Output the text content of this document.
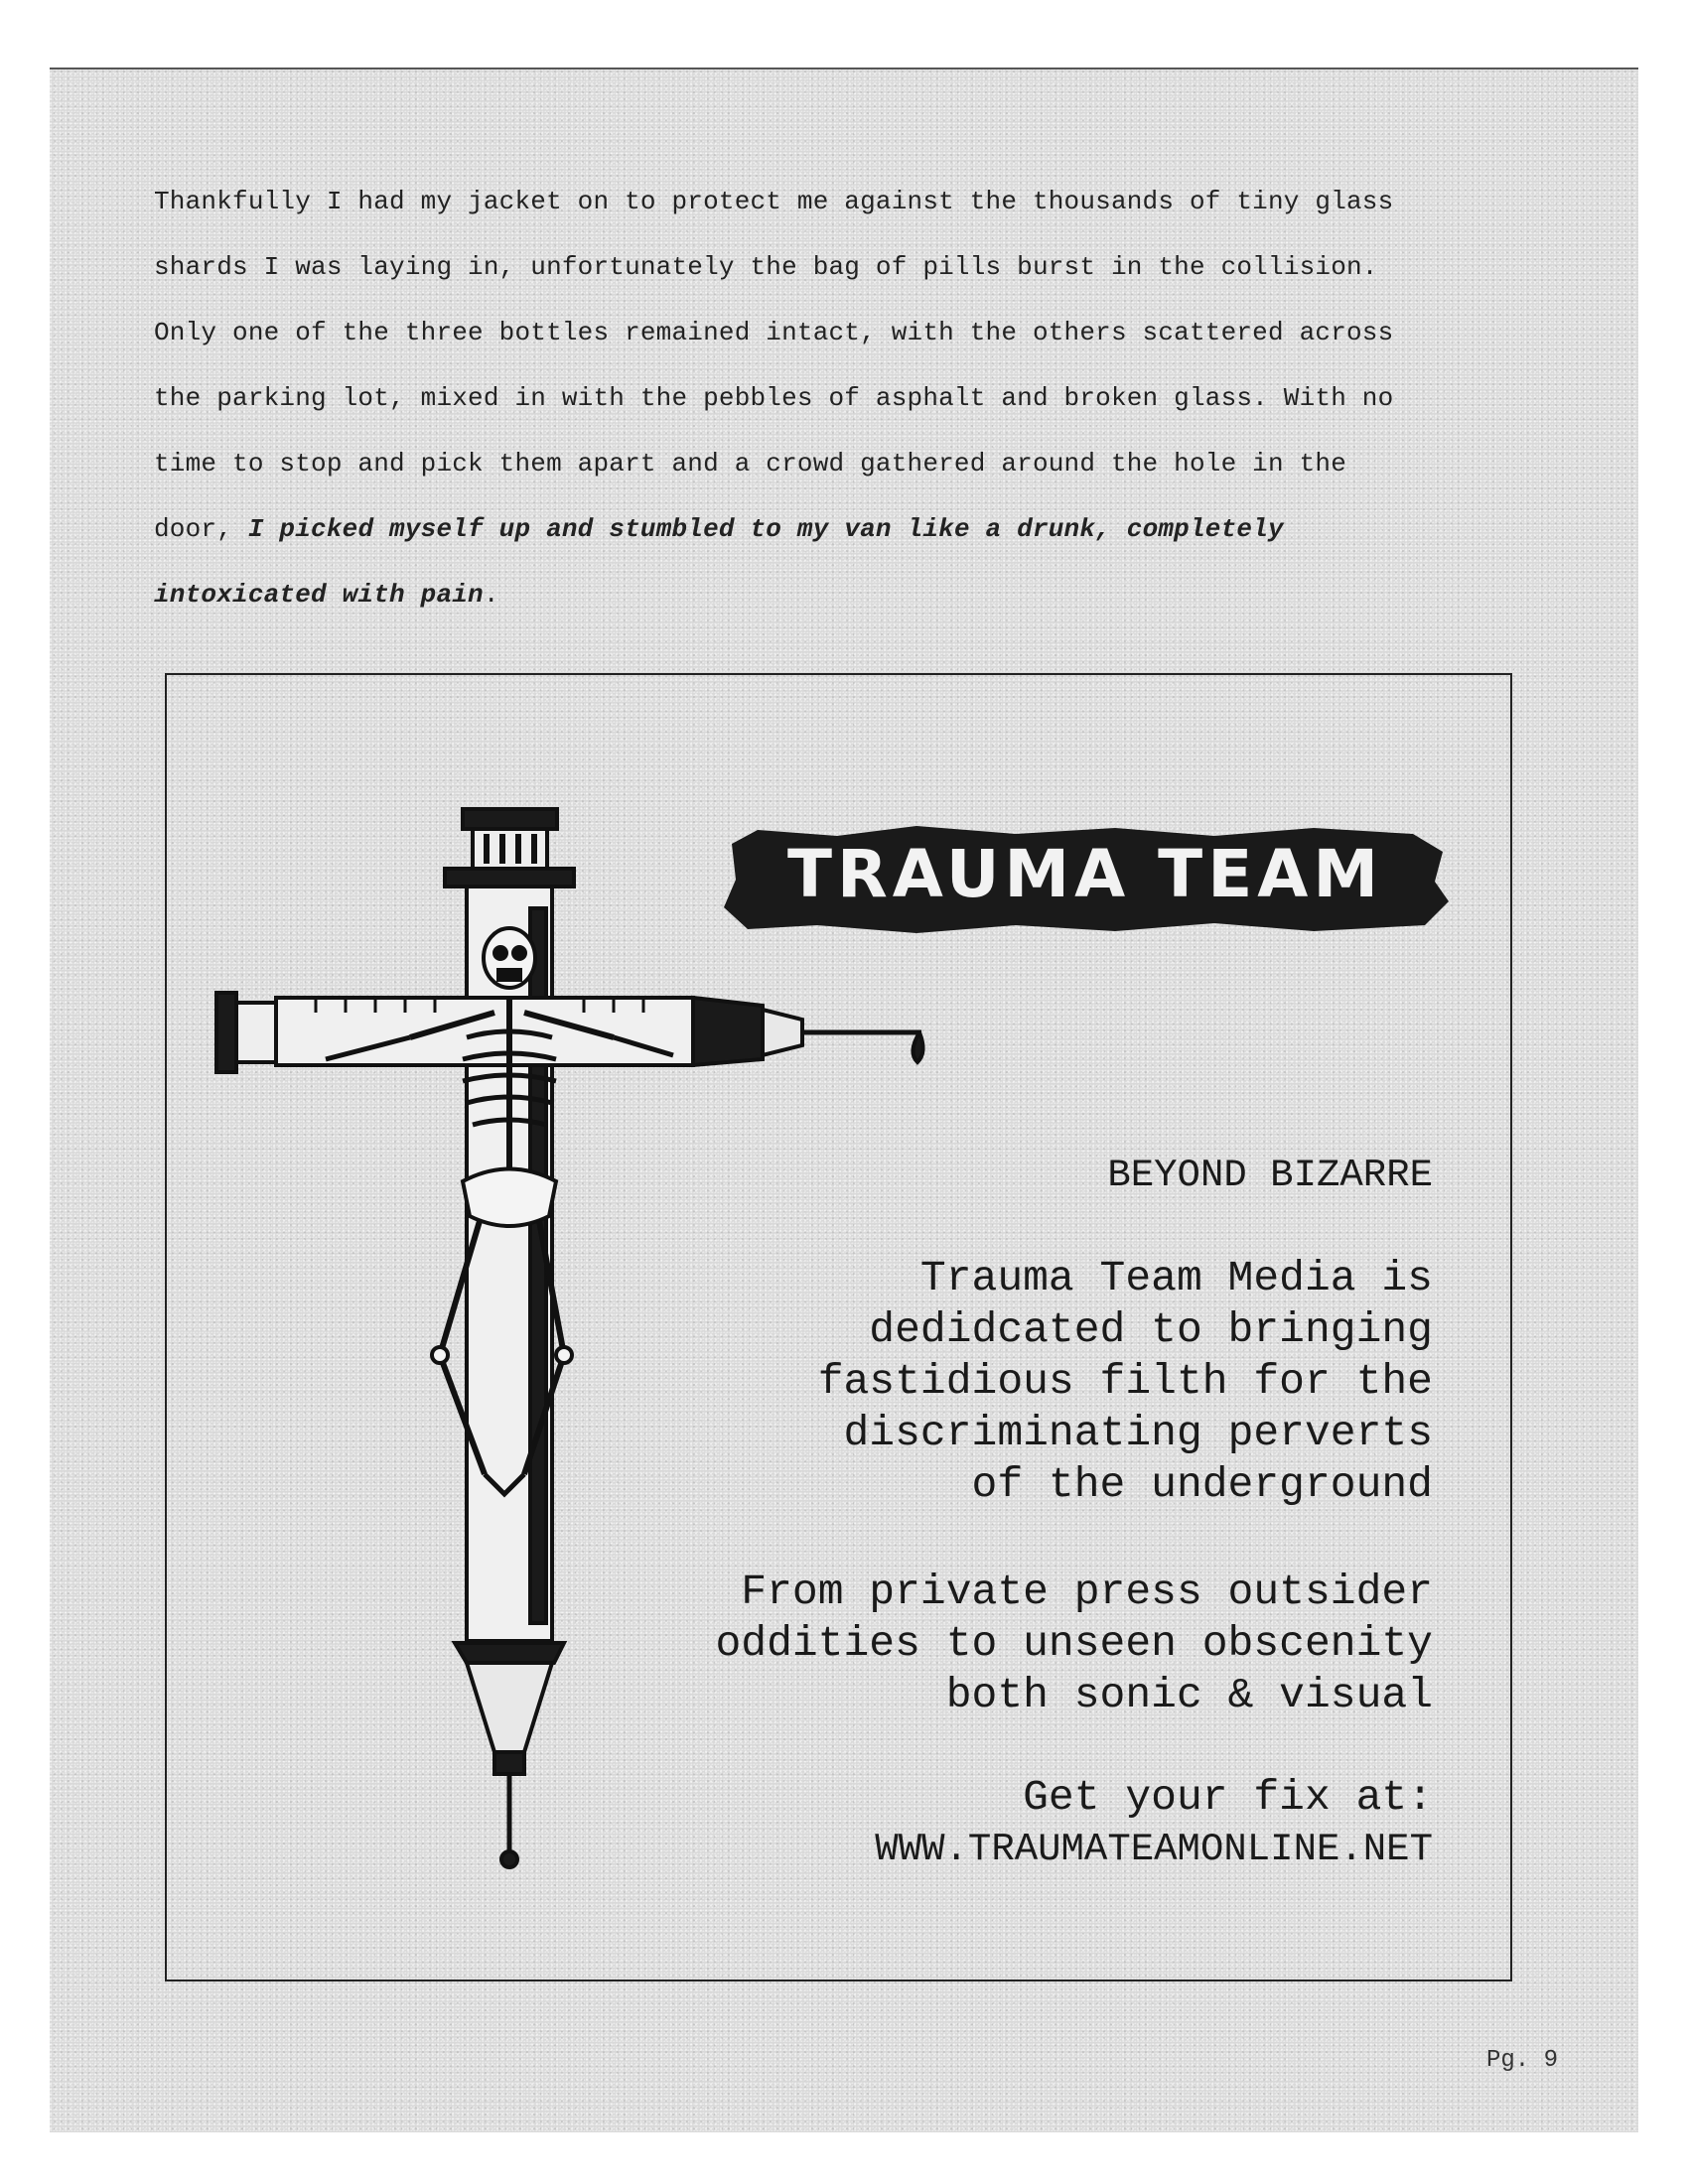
Thankfully I had my jacket on to protect me against the thousands of tiny glass
shards I was laying in, unfortunately the bag of pills burst in the collision.
Only one of the three bottles remained intact, with the others scattered across
the parking lot, mixed in with the pebbles of asphalt and broken glass. With no
time to stop and pick them apart and a crowd gathered around the hole in the
door, I picked myself up and stumbled to my van like a drunk, completely
intoxicated with pain.
TRAUMA TEAM
BEYOND BIZARRE
Trauma Team Media is
dedidcated to bringing
fastidious filth for the
discriminating perverts
of the underground
From private press outsider
oddities to unseen obscenity
both sonic & visual
Get your fix at:
WWW.TRAUMATEAMONLINE.NET
Pg. 9
